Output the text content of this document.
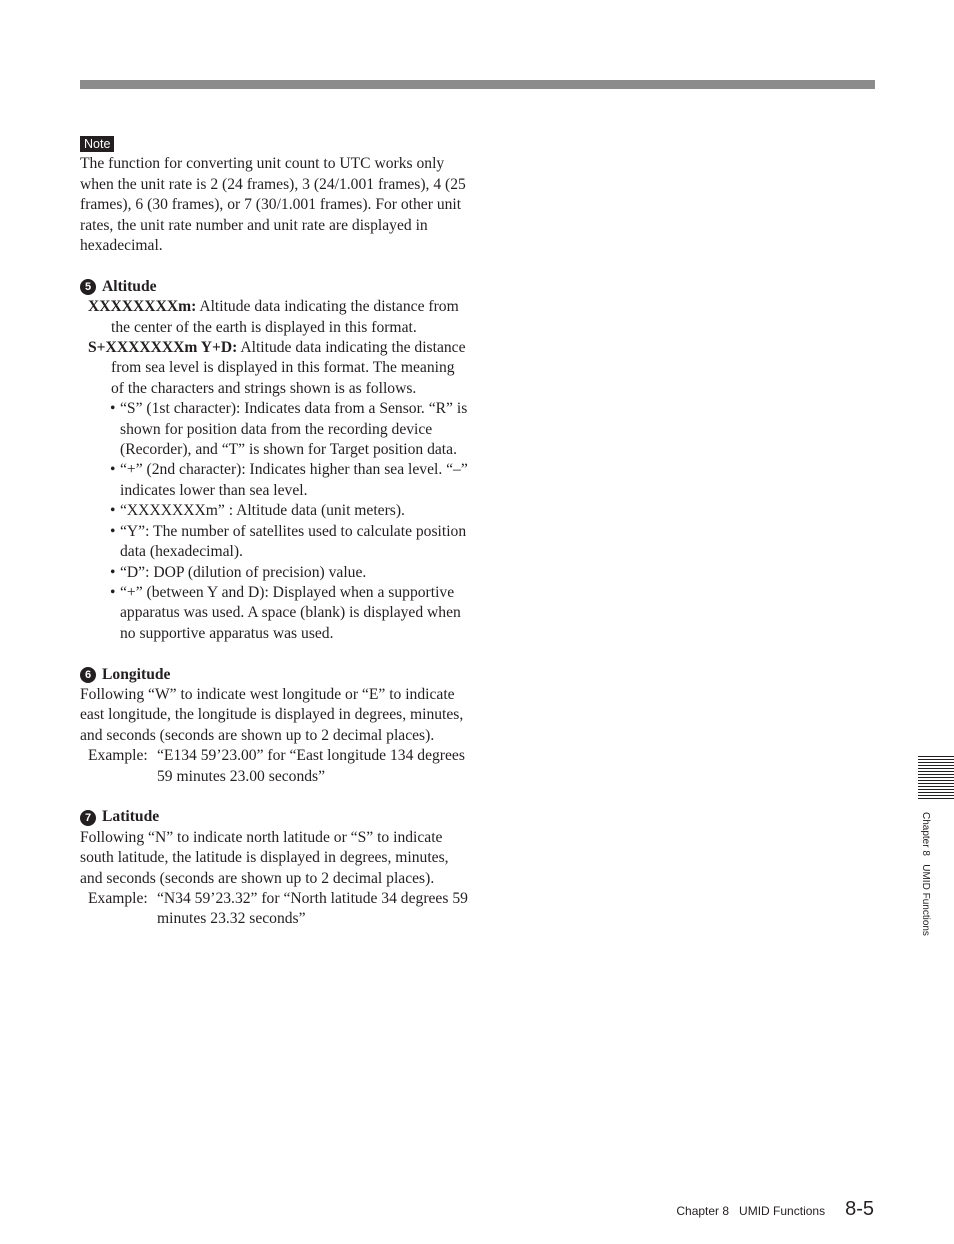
Note

The function for converting unit count to UTC works only when the unit rate is 2 (24 frames), 3 (24/1.001 frames), 4 (25 frames), 6 (30 frames), or 7 (30/1.001 frames). For other unit rates, the unit rate number and unit rate are displayed in hexadecimal.

5 Altitude

XXXXXXXXm: Altitude data indicating the distance from the center of the earth is displayed in this format.

S+XXXXXXXm Y+D: Altitude data indicating the distance from sea level is displayed in this format. The meaning of the characters and strings shown is as follows.

• “S” (1st character): Indicates data from a Sensor. “R” is shown for position data from the recording device (Recorder), and “T” is shown for Target position data.
• “+” (2nd character): Indicates higher than sea level. “–” indicates lower than sea level.
• “XXXXXXXm” : Altitude data (unit meters).
• “Y”: The number of satellites used to calculate position data (hexadecimal).
• “D”: DOP (dilution of precision) value.
• “+” (between Y and D): Displayed when a supportive apparatus was used. A space (blank) is displayed when no supportive apparatus was used.
6 Longitude

Following “W” to indicate west longitude or “E” to indicate east longitude, the longitude is displayed in degrees, minutes, and seconds (seconds are shown up to 2 decimal places).

Example: “E134 59’23.00” for “East longitude 134 degrees 59 minutes 23.00 seconds”
7 Latitude

Following “N” to indicate north latitude or “S” to indicate south latitude, the latitude is displayed in degrees, minutes, and seconds (seconds are shown up to 2 decimal places).

Example: “N34 59’23.32” for “North latitude 34 degrees 59 minutes 23.32 seconds”	Chapter 8   UMID Functions
Chapter 8   UMID Functions 8-5
